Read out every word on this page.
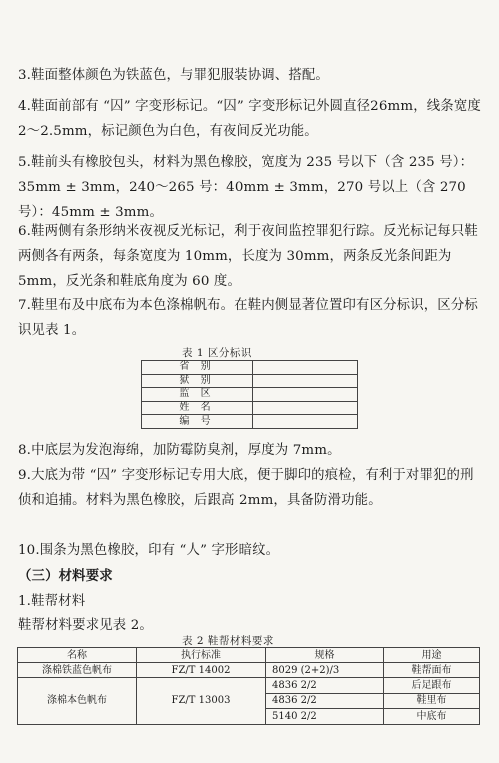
3.鞋面整体颜色为铁蓝色，与罪犯服装协调、搭配。

4.鞋面前部有 “囚” 字变形标记。“囚” 字变形标记外圆直径26mm，线条宽度 2～2.5mm，标记颜色为白色，有夜间反光功能。

5.鞋前头有橡胶包头，材料为黑色橡胶，宽度为 235 号以下（含 235 号）：35mm ± 3mm，240～265 号：40mm ± 3mm，270 号以上（含 270 号）：45mm ± 3mm。

6.鞋两侧有条形纳米夜视反光标记，利于夜间监控罪犯行踪。反光标记每只鞋两侧各有两条，每条宽度为 10mm，长度为 30mm，两条反光条间距为 5mm，反光条和鞋底角度为 60 度。

7.鞋里布及中底布为本色涤棉帆布。在鞋内侧显著位置印有区分标识，区分标识见表 1。

表 1 区分标识
省 别	
狱 别	
监 区	
姓 名	
编 号	

8.中底层为发泡海绵，加防霉防臭剂，厚度为 7mm。

9.大底为带 “囚” 字变形标记专用大底，便于脚印的痕检，有利于对罪犯的刑侦和追捕。材料为黑色橡胶，后跟高 2mm，具备防滑功能。

10.围条为黑色橡胶，印有 “人” 字形暗纹。

（三）材料要求

1.鞋帮材料

鞋帮材料要求见表 2。

表 2 鞋帮材料要求
名称	执行标准	规格	用途
涤棉铁蓝色帆布	FZ/T 14002	8029 (2+2)/3	鞋帮面布
涤棉本色帆布	FZ/T 13003	4836 2/2	后足跟布
		4836 2/2	鞋里布
		5140 2/2	中底布
